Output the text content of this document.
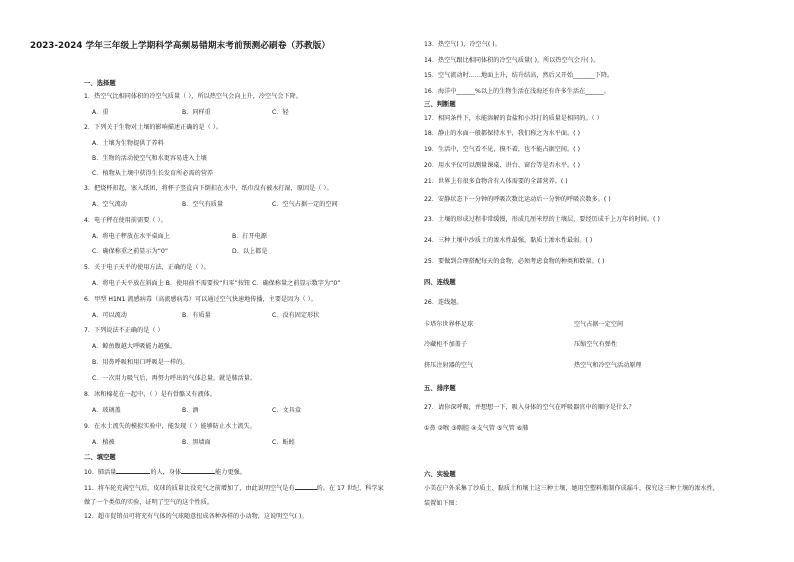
2023-2024 学年三年级上学期科学高频易错期末考前预测必刷卷（苏教版）
一、选择题
1．热空气比相同体积的冷空气质量（ ），所以热空气会向上升，冷空气会下降。
A．重	B．同样重	C．轻
2．下列关于生物对土壤的影响描述正确的是（ ）。
A．土壤为生物提供了养料
B．生物的活动使空气和水更容易进入土壤
C．植物从土壤中获得生长发育所必需的营养
3．把烧杯扣起，塞入纸团，将杯子竖直向下倒扣在水中，纸巾没有被水打湿，原因是（ ）。
A．空气流动	B．空气有质量	C．空气占据一定的空间
4．电子秤在使用前需要（ ）。
A．将电子秤放在水平桌面上	B．打开电源
C．确保称重之前显示为“0”	D．以上都是
5．关于电子天平的使用方法，正确的是（ ）。
A．将电子天平放在斜面上 B．使用前不需要按“归零”按钮 C．确保称量之前显示数字为“0”
6．甲型 H1N1 流感病毒（高流感病毒）可以通过空气快速地传播，主要是因为（ ）。
A．可以流动	B．有质量	C．没有固定形状
7．下列说法不正确的是（ ）
A．鲸鱼腹越大呼吸能力越强。
B．用鼻呼吸和用口呼吸是一样的。
C．一次用力吸气后，再努力呼出的气体总量，就是肺活量。
8．冰和棉花在一起中，（ ）是有骨骼又有液体。
A．玻璃盖	B．酒	C．文具盒
9．在水土流失的模拟实验中，能发现（ ）能够防止水土流失。
A．植被	B．黑墙面	C．蚯蚓
二、填空题
10．肺活量	的人，身体	能力更强。
11．将车轮充满空气后，皮球的质量比没充气之前增加了，由此说明空气是有	的。在 17 世纪，科学家
做了一个类似的实验，证明了空气的这个性质。
12．超市促销员可将充有气体的气球随意扭成各种各样的小动物，这说明空气( )。
13．热空气( )，冷空气( )。
14．热空气跟比相同体积的冷空气质量( )，所以热空气会升( )。
15．空气流动时……地面上升，结升结高，然后又开始_______下降。
16．海洋中______%以上的生物生活在浅海还有许多生活在______。
三、判断题
17．相同条件下，水能溶解的食盐和小苏打的质量是相同的。（ ）
18．静止的水面一般都保持水平，我们称之为水平面。( )
19．生活中，空气看不见，摸不着，也不能占据空间。( )
20．用水平仪可以测量课桌、讲台、窗台等是否水平。( )
21．世界上有很多食物含有人体需要的全部营养。( )
22．安静状态下一分钟的呼吸次数比运动后一分钟的呼吸次数多。( )
23．土壤的形成过程非常缓慢，形成几厘米厚的土壤层，要经历成千上万年的时间。( )
24．三种土壤中沙质土的渗水性最强，黏质土渗水性最弱。( )
25．要做到合理搭配每天的食物，必须考虑食物的种类和数量。( )
四、连线题
26．连线题。
卡塔尔世界杯足球	空气占据一定空间
冷藏柜不加盖子	压缩空气有弹性
挤压注射器的空气	热空气和冷空气活动原理
五、排序题
27．请你深呼吸，并想想一下，吸入身体的空气在呼吸器官中的顺序是什么？
①鼻 ②喉 ③咽腔 ④支气管 ⑤气管 ⑥肺
六、实验题
小美在户外采集了沙质土、黏质土和壤土这三种土壤，她用空塑料瓶制作成漏斗，探究这三种土壤的渗水性，
装置如下图：
